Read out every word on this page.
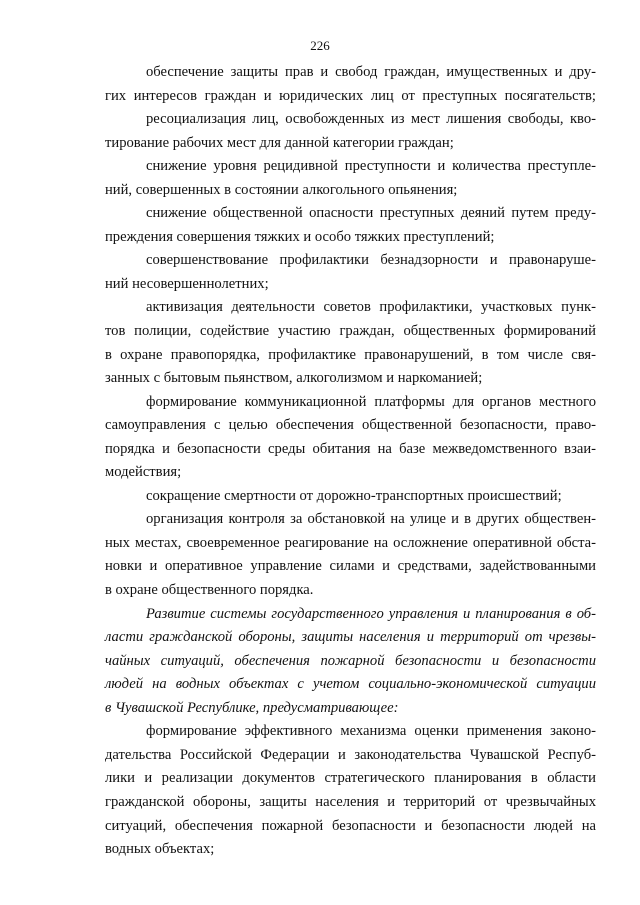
226
обеспечение защиты прав и свобод граждан, имущественных и дру-
гих интересов граждан и юридических лиц от преступных посягательств;
ресоциализация лиц, освобожденных из мест лишения свободы, кво-
тирование рабочих мест для данной категории граждан;
снижение уровня рецидивной преступности и количества преступле-
ний, совершенных в состоянии алкогольного опьянения;
снижение общественной опасности преступных деяний путем преду-
преждения совершения тяжких и особо тяжких преступлений;
совершенствование профилактики безнадзорности и правонаруше-
ний несовершеннолетних;
активизация деятельности советов профилактики, участковых пунк-
тов полиции, содействие участию граждан, общественных формирований
в охране правопорядка, профилактике правонарушений, в том числе свя-
занных с бытовым пьянством, алкоголизмом и наркоманией;
формирование коммуникационной платформы для органов местного
самоуправления с целью обеспечения общественной безопасности, право-
порядка и безопасности среды обитания на базе межведомственного взаи-
модействия;
сокращение смертности от дорожно-транспортных происшествий;
организация контроля за обстановкой на улице и в других обществен-
ных местах, своевременное реагирование на осложнение оперативной обста-
новки и оперативное управление силами и средствами, задействованными
в охране общественного порядка.
Развитие системы государственного управления и планирования в об-
ласти гражданской обороны, защиты населения и территорий от чрезвы-
чайных ситуаций, обеспечения пожарной безопасности и безопасности
людей на водных объектах с учетом социально-экономической ситуации
в Чувашской Республике, предусматривающее:
формирование эффективного механизма оценки применения законо-
дательства Российской Федерации и законодательства Чувашской Респуб-
лики и реализации документов стратегического планирования в области
гражданской обороны, защиты населения и территорий от чрезвычайных
ситуаций, обеспечения пожарной безопасности и безопасности людей на
водных объектах;
